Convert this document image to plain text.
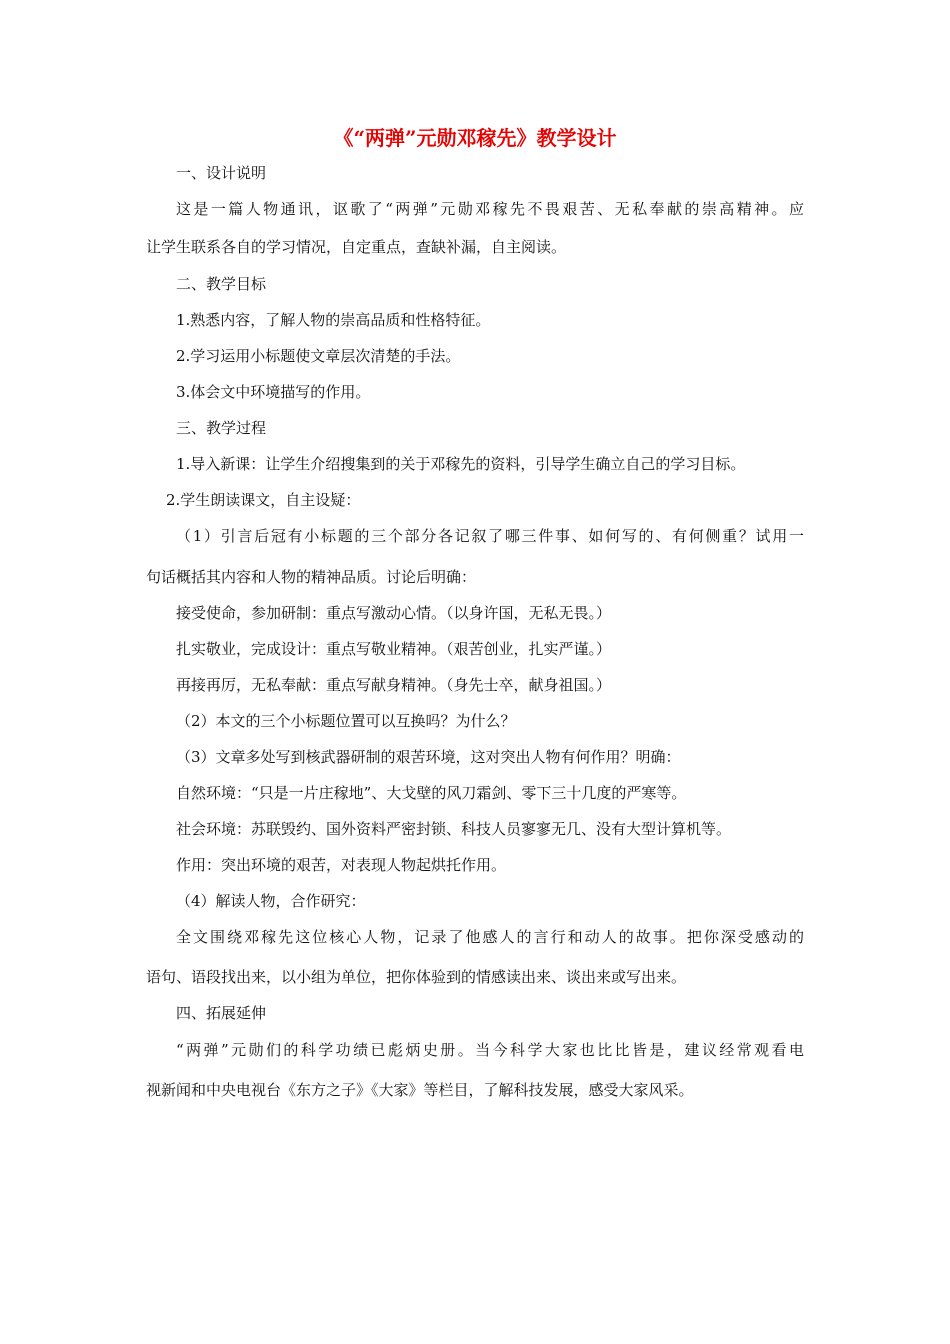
《“两弹”元勋邓稼先》教学设计
一、设计说明
这是一篇人物通讯，讴歌了“两弹”元勋邓稼先不畏艰苦、无私奉献的崇高精神。应
让学生联系各自的学习情况，自定重点，查缺补漏，自主阅读。
二、教学目标
1.熟悉内容，了解人物的崇高品质和性格特征。
2.学习运用小标题使文章层次清楚的手法。
3.体会文中环境描写的作用。
三、教学过程
1.导入新课：让学生介绍搜集到的关于邓稼先的资料，引导学生确立自己的学习目标。
2.学生朗读课文，自主设疑：
（1）引言后冠有小标题的三个部分各记叙了哪三件事、如何写的、有何侧重？试用一
句话概括其内容和人物的精神品质。讨论后明确：
接受使命，参加研制：重点写激动心情。（以身许国，无私无畏。）
扎实敬业，完成设计：重点写敬业精神。（艰苦创业，扎实严谨。）
再接再厉，无私奉献：重点写献身精神。（身先士卒，献身祖国。）
（2）本文的三个小标题位置可以互换吗？为什么？
（3）文章多处写到核武器研制的艰苦环境，这对突出人物有何作用？明确：
自然环境：“只是一片庄稼地”、大戈壁的风刀霜剑、零下三十几度的严寒等。
社会环境：苏联毁约、国外资料严密封锁、科技人员寥寥无几、没有大型计算机等。
作用：突出环境的艰苦，对表现人物起烘托作用。
（4）解读人物，合作研究：
全文围绕邓稼先这位核心人物，记录了他感人的言行和动人的故事。把你深受感动的
语句、语段找出来，以小组为单位，把你体验到的情感读出来、谈出来或写出来。
四、拓展延伸
“两弹”元勋们的科学功绩已彪炳史册。当今科学大家也比比皆是，建议经常观看电
视新闻和中央电视台《东方之子》《大家》等栏目，了解科技发展，感受大家风采。
